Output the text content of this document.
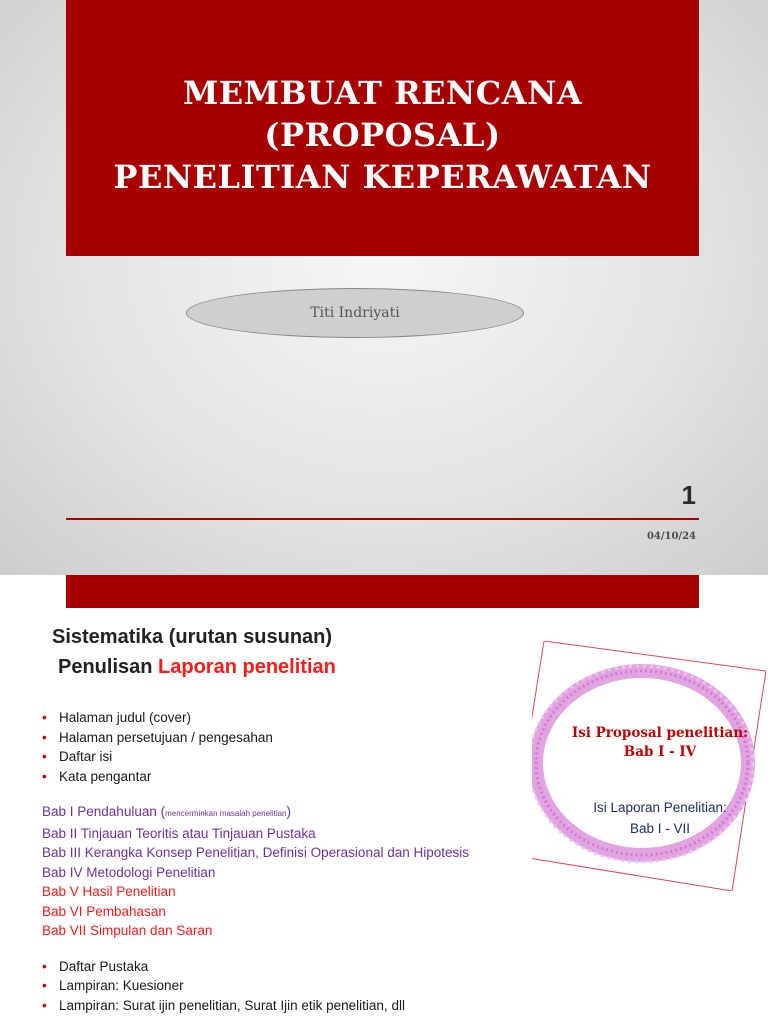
MEMBUAT RENCANA (PROPOSAL)
PENELITIAN KEPERAWATAN
Titi Indriyati
1
04/10/24
Sistematika (urutan susunan)
Penulisan Laporan penelitian
• Halaman judul (cover)
• Halaman persetujuan / pengesahan
• Daftar isi
• Kata pengantar
Bab I Pendahuluan (mencerminkan masalah penelitian)
Bab II Tinjauan Teoritis atau Tinjauan Pustaka
Bab III Kerangka Konsep Penelitian, Definisi Operasional dan Hipotesis
Bab IV Metodologi Penelitian
Bab V Hasil Penelitian
Bab VI Pembahasan
Bab VII Simpulan dan Saran
• Daftar Pustaka
• Lampiran: Kuesioner
• Lampiran: Surat ijin penelitian, Surat Ijin etik penelitian, dll
Isi Proposal penelitian:
Bab I - IV
Isi Laporan Penelitian:
Bab I - VII
